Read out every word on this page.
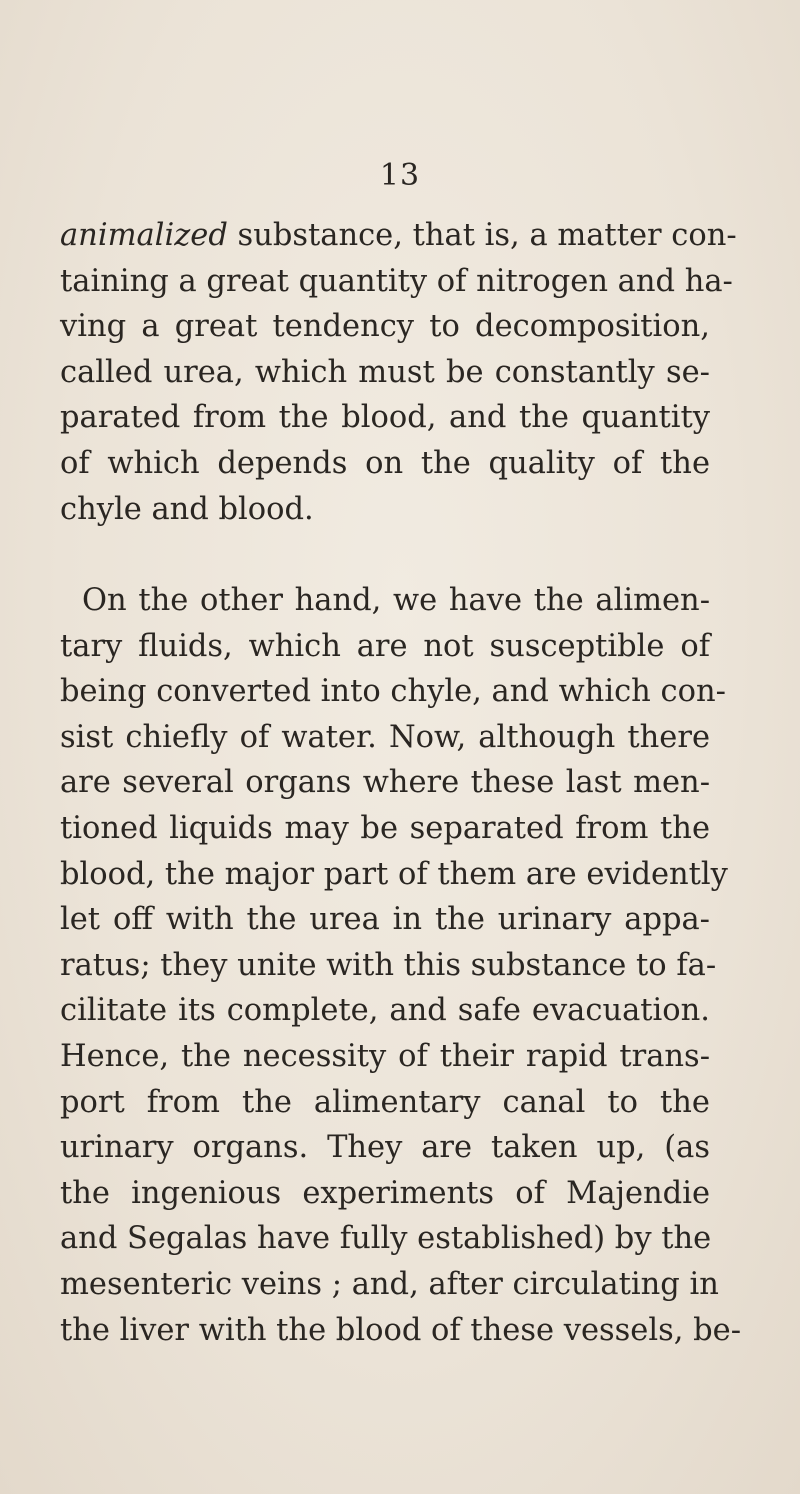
13
animalized substance, that is, a matter con-
taining a great quantity of nitrogen and ha-
ving a great tendency to decomposition,
called urea, which must be constantly se-
parated from the blood, and the quantity
of which depends on the quality of the
chyle and blood.
On the other hand, we have the alimen-
tary fluids, which are not susceptible of
being converted into chyle, and which con-
sist chiefly of water. Now, although there
are several organs where these last men-
tioned liquids may be separated from the
blood, the major part of them are evidently
let off with the urea in the urinary appa-
ratus; they unite with this substance to fa-
cilitate its complete, and safe evacuation.
Hence, the necessity of their rapid trans-
port from the alimentary canal to the
urinary organs. They are taken up, (as
the ingenious experiments of Majendie
and Segalas have fully established) by the
mesenteric veins ; and, after circulating in
the liver with the blood of these vessels, be-
